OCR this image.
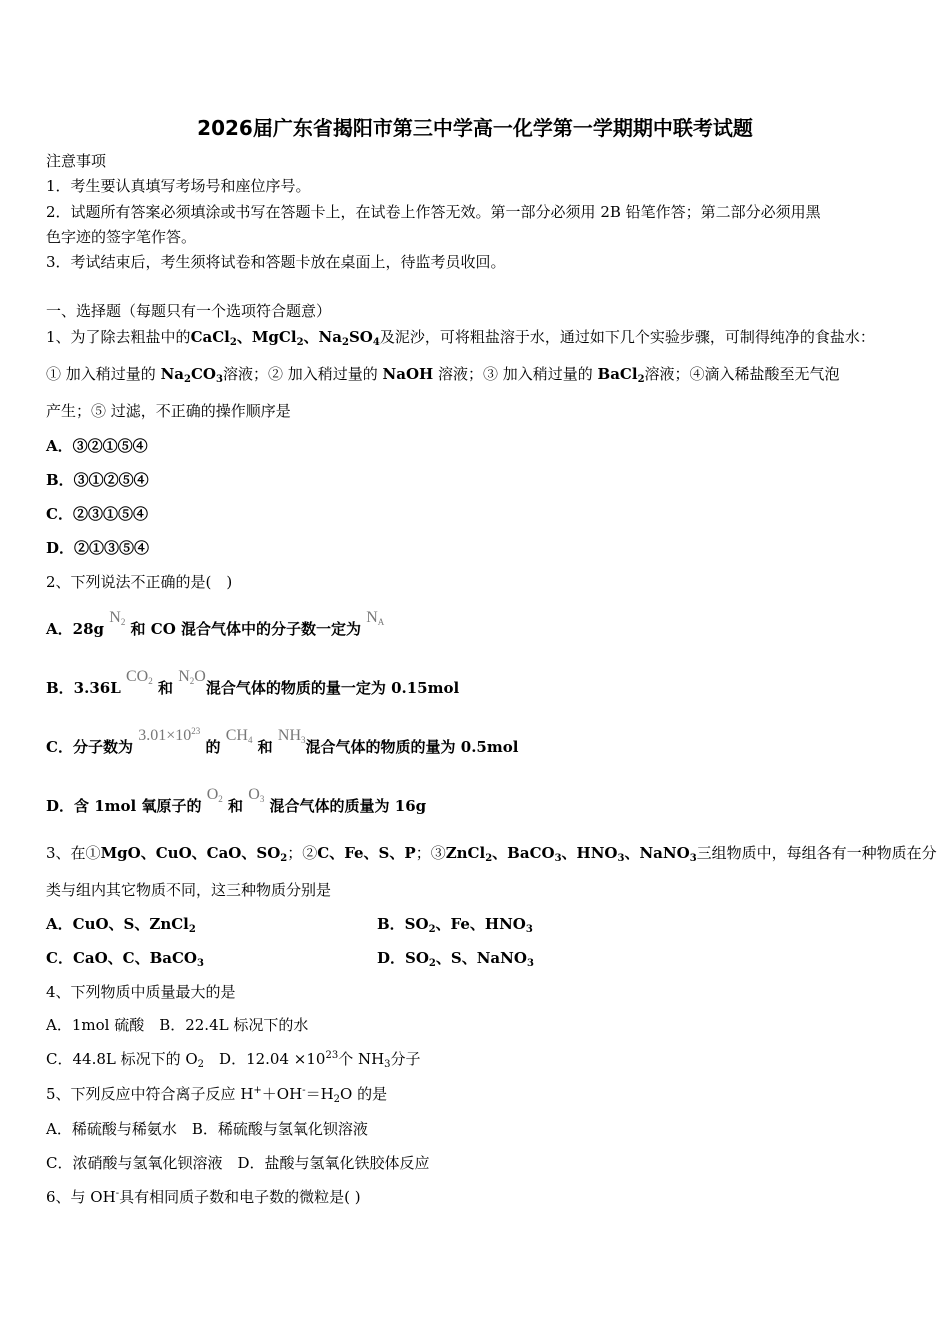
2026届广东省揭阳市第三中学高一化学第一学期期中联考试题
注意事项
1．考生要认真填写考场号和座位序号。
2．试题所有答案必须填涂或书写在答题卡上，在试卷上作答无效。第一部分必须用 2B 铅笔作答；第二部分必须用黑
色字迹的签字笔作答。
3．考试结束后，考生须将试卷和答题卡放在桌面上，待监考员收回。
一、选择题（每题只有一个选项符合题意）
1、为了除去粗盐中的CaCl$_2$、MgCl$_2$、$Na_2SO_4$及泥沙，可将粗盐溶于水，通过如下几个实验步骤，可制得纯净的食盐水：
① 加入稍过量的 $Na_2CO_3$溶液；② 加入稍过量的 NaOH 溶液；③ 加入稍过量的 BaCl$_2$溶液；④滴入稀盐酸至无气泡
产生；⑤ 过滤，不正确的操作顺序是
A．③②①⑤④
B．③①②⑤④
C．②③①⑤④
D．②①③⑤④
2、下列说法不正确的是(　)
A．28g $N_2$ 和 CO 混合气体中的分子数一定为 $N_A$
B．3.36L $CO_2$ 和 $N_2O$混合气体的物质的量一定为 0.15mol
C．分子数为 $3.01\times 10^{23}$ 的 $CH_4$ 和 $NH_3$混合气体的物质的量为 0.5mol
D．含 1mol 氧原子的 $O_2$ 和 $O_3$ 混合气体的质量为 16g
3、在①MgO、CuO、CaO、$SO_2$；②C、Fe、S、P；③ZnCl$_2$、BaCO$_3$、$HNO_3$、NaNO$_3$三组物质中，每组各有一种物质在分
类与组内其它物质不同，这三种物质分别是
A．CuO、S、ZnCl$_2$	B．$SO_2$、Fe、$HNO_3$
C．CaO、C、BaCO$_3$	D．$SO_2$、S、NaNO$_3$
4、下列物质中质量最大的是
A．1mol 硫酸　B．22.4L 标况下的水
C．44.8L 标况下的 $O_2$　D．$12.04 \times 10^{23}$个 $NH_3$分子
5、下列反应中符合离子反应 $H^++OH^-=H_2O$ 的是
A．稀硫酸与稀氨水　B．稀硫酸与氢氧化钡溶液
C．浓硝酸与氢氧化钡溶液　D．盐酸与氢氧化铁胶体反应
6、与 OH-具有相同质子数和电子数的微粒是( )
